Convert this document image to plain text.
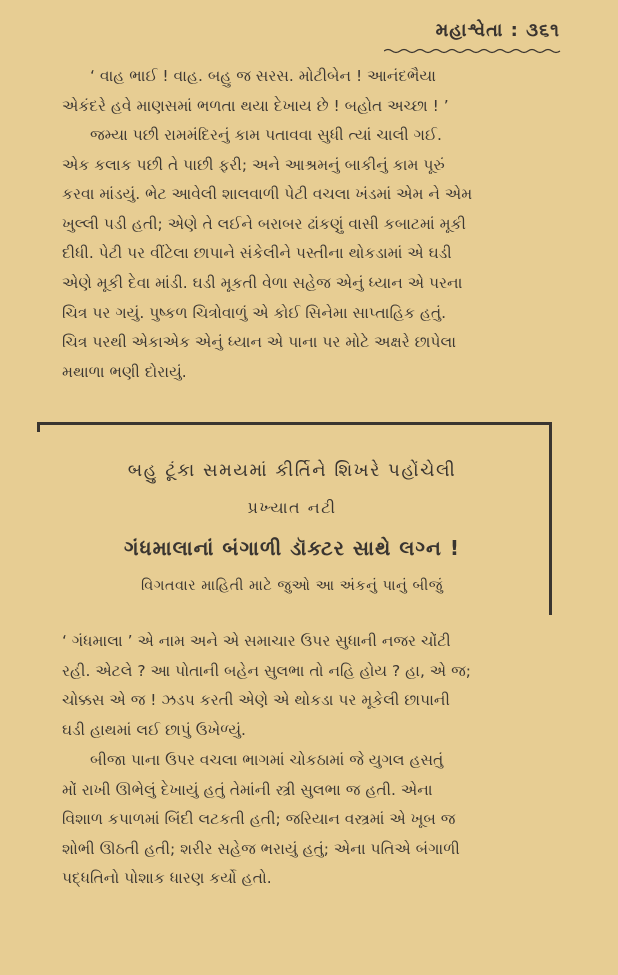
મહાશ્વેતા : ૩૬૧
‘ વાહ ભાઈ ! વાહ. બહુ જ સરસ. મોટીબેન ! આનંદભૈયા
એકંદરે હવે માણસમાં ભળતા થયા દેખાય છે ! બહોત અચ્છા ! ’
જમ્યા પછી રામમંદિરનું કામ પતાવવા સુધી ત્યાં ચાલી ગઈ.
એક કલાક પછી તે પાછી ફરી; અને આશ્રમનું બાકીનું કામ પૂરું
કરવા માંડયું. ભેટ આવેલી શાલવાળી પેટી વચલા ખંડમાં એમ ને એમ
ખુલ્લી પડી હતી; એણે તે લઈને બરાબર ઢાંકણું વાસી કબાટમાં મૂકી
દીધી. પેટી પર વીંટેલા છાપાને સંકેલીને પસ્તીના થોકડામાં એ ઘડી
એણે મૂકી દેવા માંડી. ઘડી મૂકતી વેળા સહેજ એનું ધ્યાન એ પરના
ચિત્ર પર ગયું. પુષ્કળ ચિત્રોવાળું એ કોઈ સિનેમા સાપ્તાહિક હતું.
ચિત્ર પરથી એકાએક એનું ધ્યાન એ પાના પર મોટે અક્ષરે છાપેલા
મથાળા ભણી દોરાયું.
બહુ ટૂંકા સમયમાં કીર્તિને શિખરે પહોંચેલી
પ્રખ્યાત નટી
ગંધમાલાનાં બંગાળી ડૉક્ટર સાથે લગ્ન !
વિગતવાર માહિતી માટે જુઓ આ અંકનું પાનું બીજું
‘ ગંધમાલા ’ એ નામ અને એ સમાચાર ઉપર સુધાની નજર ચોંટી
રહી. એટલે ? આ પોતાની બહેન સુલભા તો નહિ હોય ? હા, એ જ;
ચોક્કસ એ જ ! ઝડપ કરતી એણે એ થોકડા પર મૂકેલી છાપાની
ઘડી હાથમાં લઈ છાપું ઉખેળ્યું.
બીજા પાના ઉપર વચલા ભાગમાં ચોકઠામાં જે યુગલ હસતું
મોં રાખી ઊભેલું દેખાયું હતું તેમાંની સ્ત્રી સુલભા જ હતી. એના
વિશાળ કપાળમાં બિંદી લટકતી હતી; જરિયાન વસ્ત્રમાં એ ખૂબ જ
શોભી ઊઠતી હતી; શરીર સહેજ ભરાયું હતું; એના પતિએ બંગાળી
પદ્ધતિનો પોશાક ધારણ કર્યો હતો.
